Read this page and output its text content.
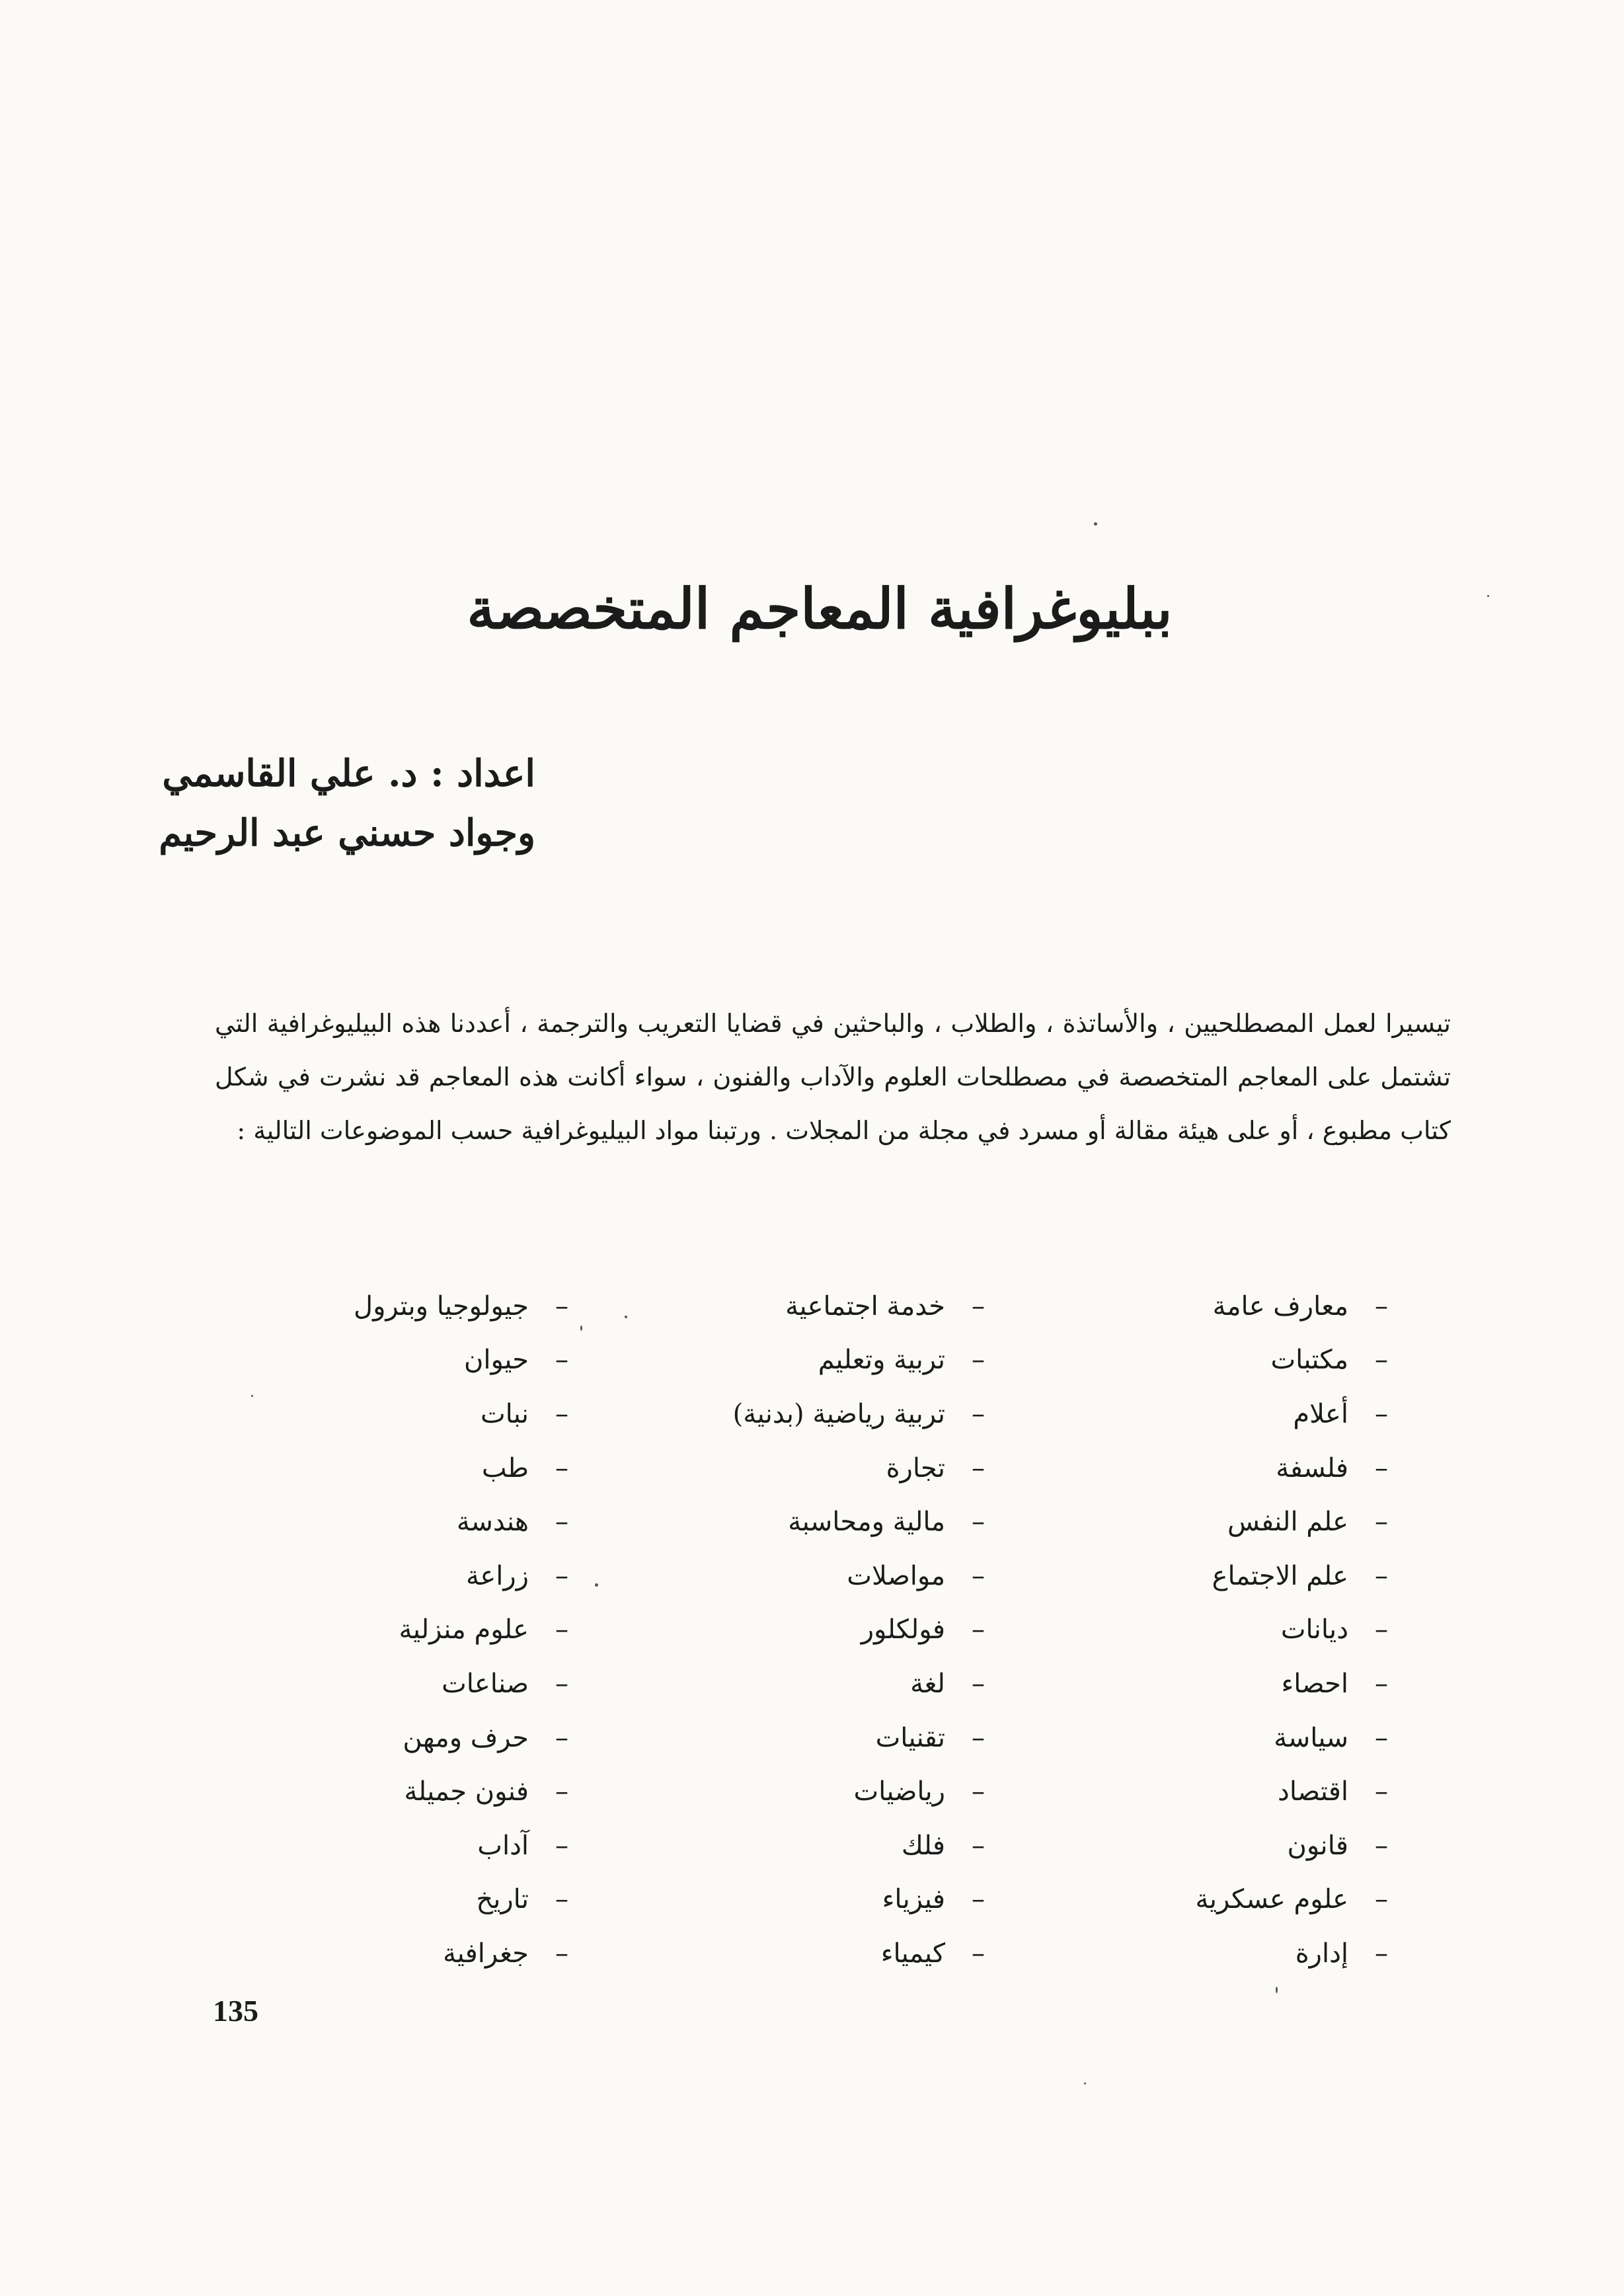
ببليوغرافية المعاجم المتخصصة
اعداد : د. علي القاسمي
وجواد حسني عبد الرحيم

تيسيرا لعمل المصطلحيين ، والأساتذة ، والطلاب ، والباحثين في قضايا التعريب والترجمة ، أعددنا هذه البيليوغرافية التي تشتمل على المعاجم المتخصصة في مصطلحات العلوم والآداب والفنون ، سواء أكانت هذه المعاجم قد نشرت في شكل كتاب مطبوع ، أو على هيئة مقالة أو مسرد في مجلة من المجلات . ورتبنا مواد البيليوغرافية حسب الموضوعات التالية :

–
معارف عامة
–
مكتبات
–
أعلام
–
فلسفة
–
علم النفس
–
علم الاجتماع
–
ديانات
–
احصاء
–
سياسة
–
اقتصاد
–
قانون
–
علوم عسكرية
–
إدارة
–
خدمة اجتماعية
–
تربية وتعليم
–
تربية رياضية (بدنية)
–
تجارة
–
مالية ومحاسبة
–
مواصلات
–
فولكلور
–
لغة
–
تقنيات
–
رياضيات
–
فلك
–
فيزياء
–
كيمياء
–
جيولوجيا وبترول
–
حيوان
–
نبات
–
طب
–
هندسة
–
زراعة
–
علوم منزلية
–
صناعات
–
حرف ومهن
–
فنون جميلة
–
آداب
–
تاريخ
–
جغرافية
135
